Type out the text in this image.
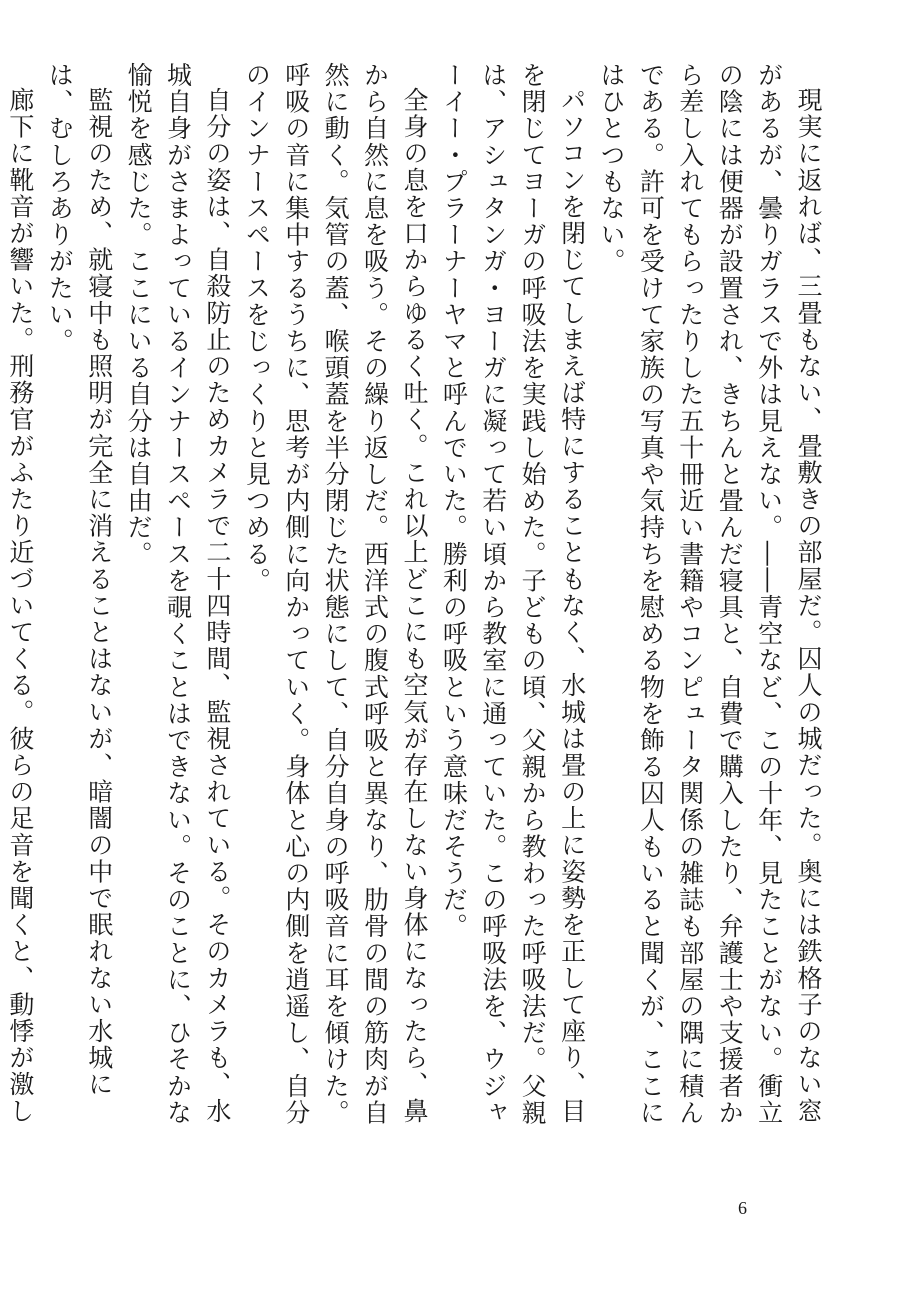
現実に返れば、三畳もない、畳敷きの部屋だ。囚人の城だった。奥には鉄格子のない窓があるが、曇りガラスで外は見えない。――青空など、この十年、見たことがない。衝立の陰には便器が設置され、きちんと畳んだ寝具と、自費で購入したり、弁護士や支援者から差し入れてもらったりした五十冊近い書籍やコンピュータ関係の雑誌も部屋の隅に積んである。許可を受けて家族の写真や気持ちを慰める物を飾る囚人もいると聞くが、ここにはひとつもない。

パソコンを閉じてしまえば特にすることもなく、水城は畳の上に姿勢を正して座り、目を閉じてヨーガの呼吸法を実践し始めた。子どもの頃、父親から教わった呼吸法だ。父親は、アシュタンガ・ヨーガに凝って若い頃から教室に通っていた。この呼吸法を、ウジャーイー・プラーナーヤマと呼んでいた。勝利の呼吸という意味だそうだ。

全身の息を口からゆるく吐く。これ以上どこにも空気が存在しない身体になったら、鼻から自然に息を吸う。その繰り返しだ。西洋式の腹式呼吸と異なり、肋骨の間の筋肉が自然に動く。気管の蓋、喉頭蓋を半分閉じた状態にして、自分自身の呼吸音に耳を傾けた。呼吸の音に集中するうちに、思考が内側に向かっていく。身体と心の内側を逍遥し、自分のインナースペースをじっくりと見つめる。

自分の姿は、自殺防止のためカメラで二十四時間、監視されている。そのカメラも、水城自身がさまよっているインナースペースを覗くことはできない。そのことに、ひそかな愉悦を感じた。ここにいる自分は自由だ。

監視のため、就寝中も照明が完全に消えることはないが、暗闇の中で眠れない水城には、むしろありがたい。

廊下に靴音が響いた。刑務官がふたり近づいてくる。彼らの足音を聞くと、動悸が激し

6
